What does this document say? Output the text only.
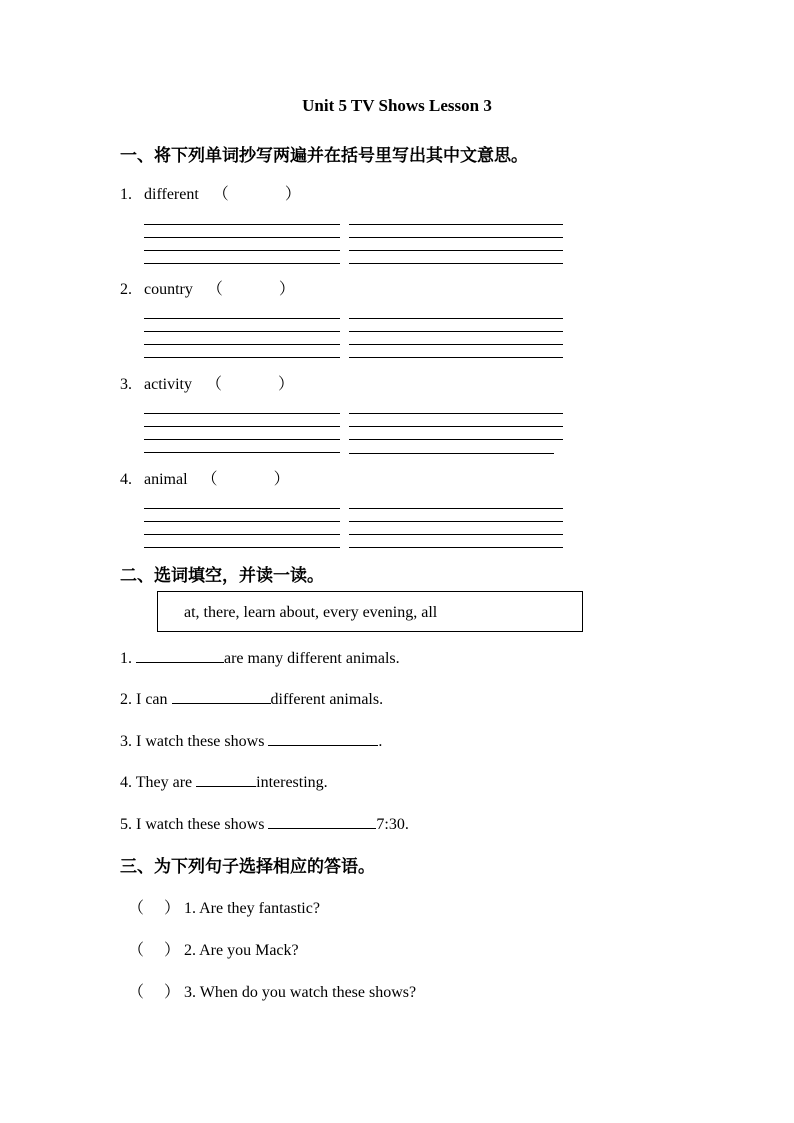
Unit 5 TV Shows Lesson 3
一、将下列单词抄写两遍并在括号里写出其中文意思。
1. different （	）
2. country （	）
3. activity （	）
4. animal （	）
二、选词填空，并读一读。
at, there, learn about, every evening, all
1.	are many different animals.
2. I can	different animals.
3. I watch these shows	.
4. They are	interesting.
5. I watch these shows	7:30.
三、为下列句子选择相应的答语。
（ ） 1. Are they fantastic?
（ ） 2. Are you Mack?
（ ） 3. When do you watch these shows?
